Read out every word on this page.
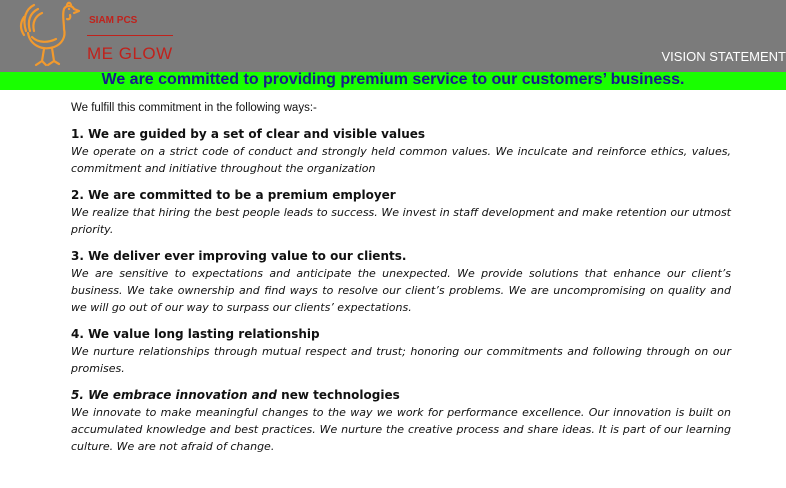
SIAM PCS
ME GLOW	VISION STATEMENT
We are committed to providing premium service to our customers’ business.
We fulfill this commitment in the following ways:-
1. We are guided by a set of clear and visible values
We operate on a strict code of conduct and strongly held common values. We inculcate and reinforce ethics, values, commitment and initiative throughout the organization
2. We are committed to be a premium employer
We realize that hiring the best people leads to success. We invest in staff development and make retention our utmost priority.
3. We deliver ever improving value to our clients.
We are sensitive to expectations and anticipate the unexpected. We provide solutions that enhance our client’s business. We take ownership and find ways to resolve our client’s problems. We are uncompromising on quality and we will go out of our way to surpass our clients’ expectations.
4. We value long lasting relationship
We nurture relationships through mutual respect and trust; honoring our commitments and following through on our promises.
5. We embrace innovation and new technologies
We innovate to make meaningful changes to the way we work for performance excellence. Our innovation is built on accumulated knowledge and best practices. We nurture the creative process and share ideas. It is part of our learning culture. We are not afraid of change.
